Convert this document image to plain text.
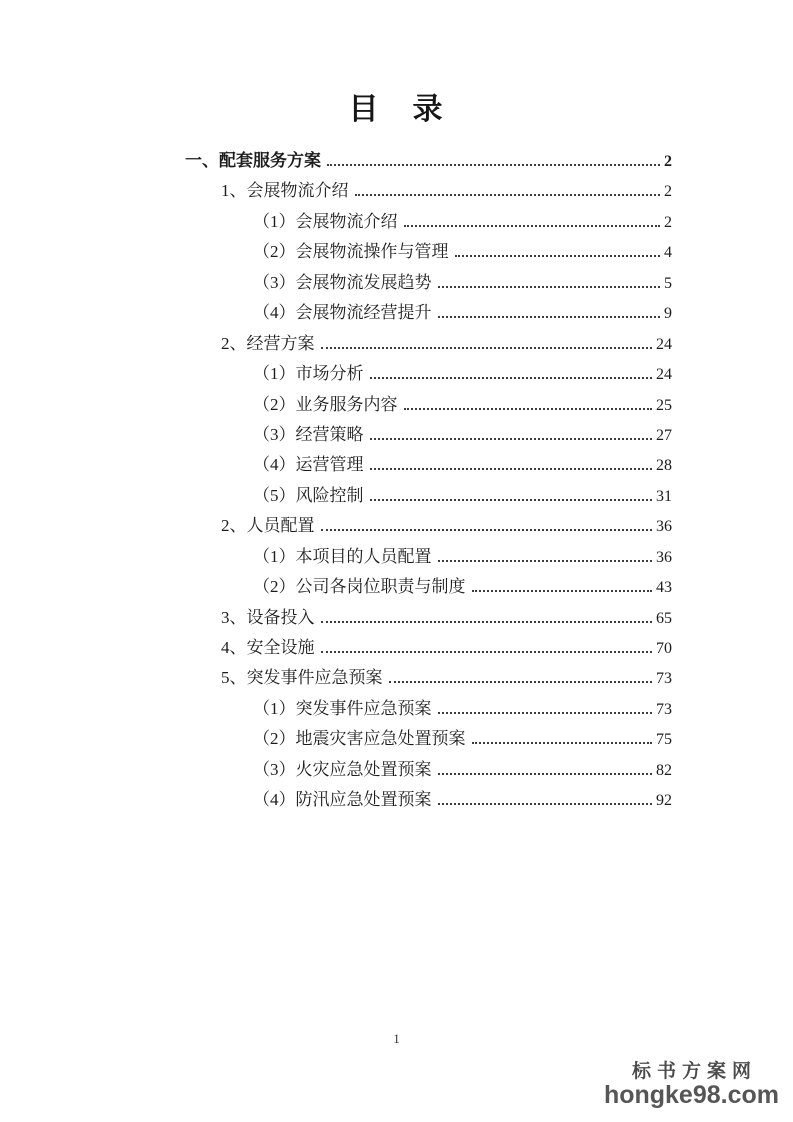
目　录
一、配套服务方案	2
1、会展物流介绍	2
（1）会展物流介绍	2
（2）会展物流操作与管理	4
（3）会展物流发展趋势	5
（4）会展物流经营提升	9
2、经营方案	24
（1）市场分析	24
（2）业务服务内容	25
（3）经营策略	27
（4）运营管理	28
（5）风险控制	31
2、人员配置	36
（1）本项目的人员配置	36
（2）公司各岗位职责与制度	43
3、设备投入	65
4、安全设施	70
5、突发事件应急预案	73
（1）突发事件应急预案	73
（2）地震灾害应急处置预案	75
（3）火灾应急处置预案	82
（4）防汛应急处置预案	92
1
标书方案网
hongke98.com
